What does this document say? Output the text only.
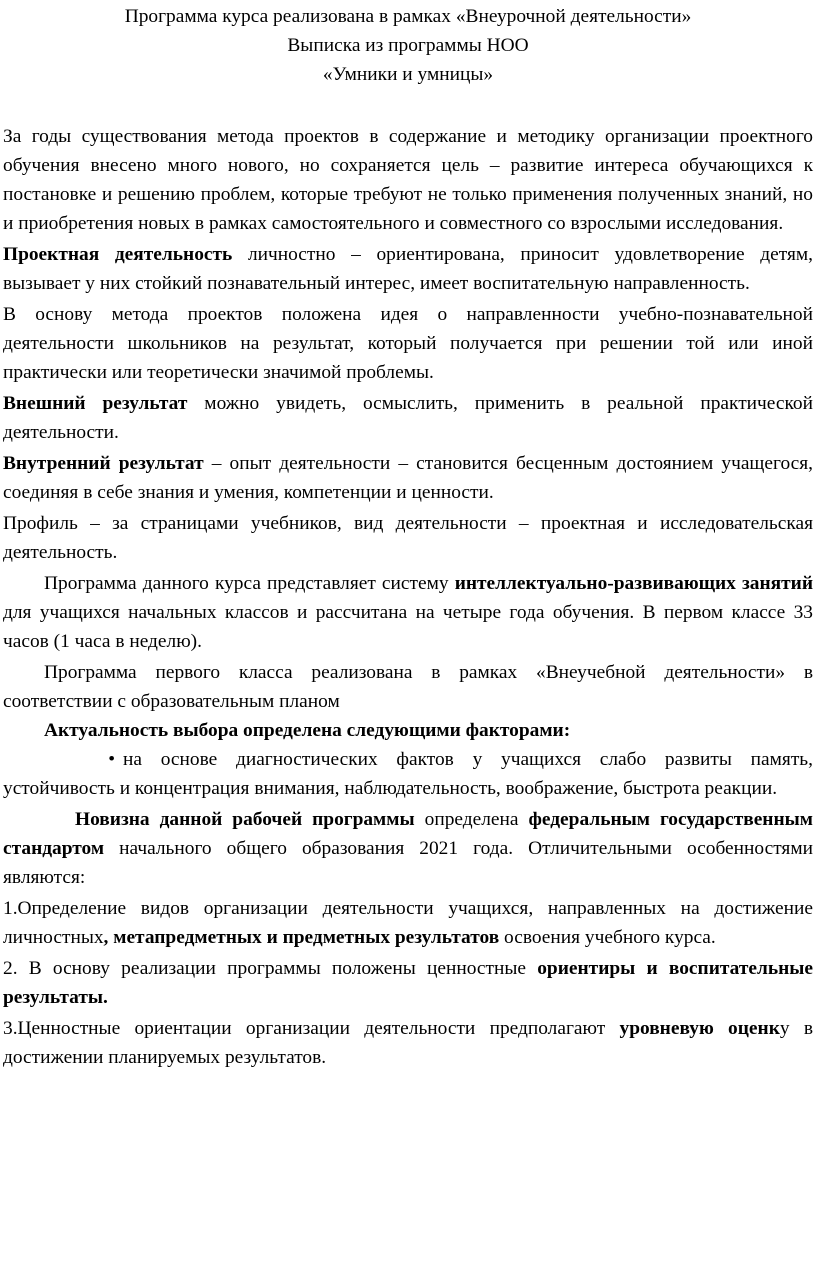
Программа курса реализована в рамках «Внеурочной деятельности»
Выписка из программы НОО
«Умники и умницы»

За годы существования метода проектов в содержание и методику организации проектного обучения внесено много нового, но сохраняется цель – развитие интереса обучающихся к постановке и решению проблем, которые требуют не только применения полученных знаний, но и приобретения новых в рамках самостоятельного и совместного со взрослыми исследования.

Проектная деятельность личностно – ориентирована, приносит удовлетворение детям, вызывает у них стойкий познавательный интерес, имеет воспитательную направленность.

В основу метода проектов положена идея о направленности учебно-познавательной деятельности школьников на результат, который получается при решении той или иной практически или теоретически значимой проблемы.

Внешний результат можно увидеть, осмыслить, применить в реальной практической деятельности.

Внутренний результат – опыт деятельности – становится бесценным достоянием учащегося, соединяя в себе знания и умения, компетенции и ценности.

Профиль – за страницами учебников, вид деятельности – проектная и исследовательская деятельность.

Программа данного курса представляет систему интеллектуально-развивающих занятий для учащихся начальных классов и рассчитана на четыре года обучения. В первом классе 33 часов (1 часа в неделю).

Программа первого класса реализована в рамках «Внеучебной деятельности» в соответствии с образовательным планом

Актуальность выбора определена следующими факторами:

• на основе диагностических фактов у учащихся слабо развиты память, устойчивость и концентрация внимания, наблюдательность, воображение, быстрота реакции.

Новизна данной рабочей программы определена федеральным государственным стандартом начального общего образования 2021 года. Отличительными особенностями являются:

1.Определение видов организации деятельности учащихся, направленных на достижение личностных, метапредметных и предметных результатов освоения учебного курса.

2. В основу реализации программы положены ценностные ориентиры и воспитательные результаты.

3.Ценностные ориентации организации деятельности предполагают уровневую оценку в достижении планируемых результатов.
